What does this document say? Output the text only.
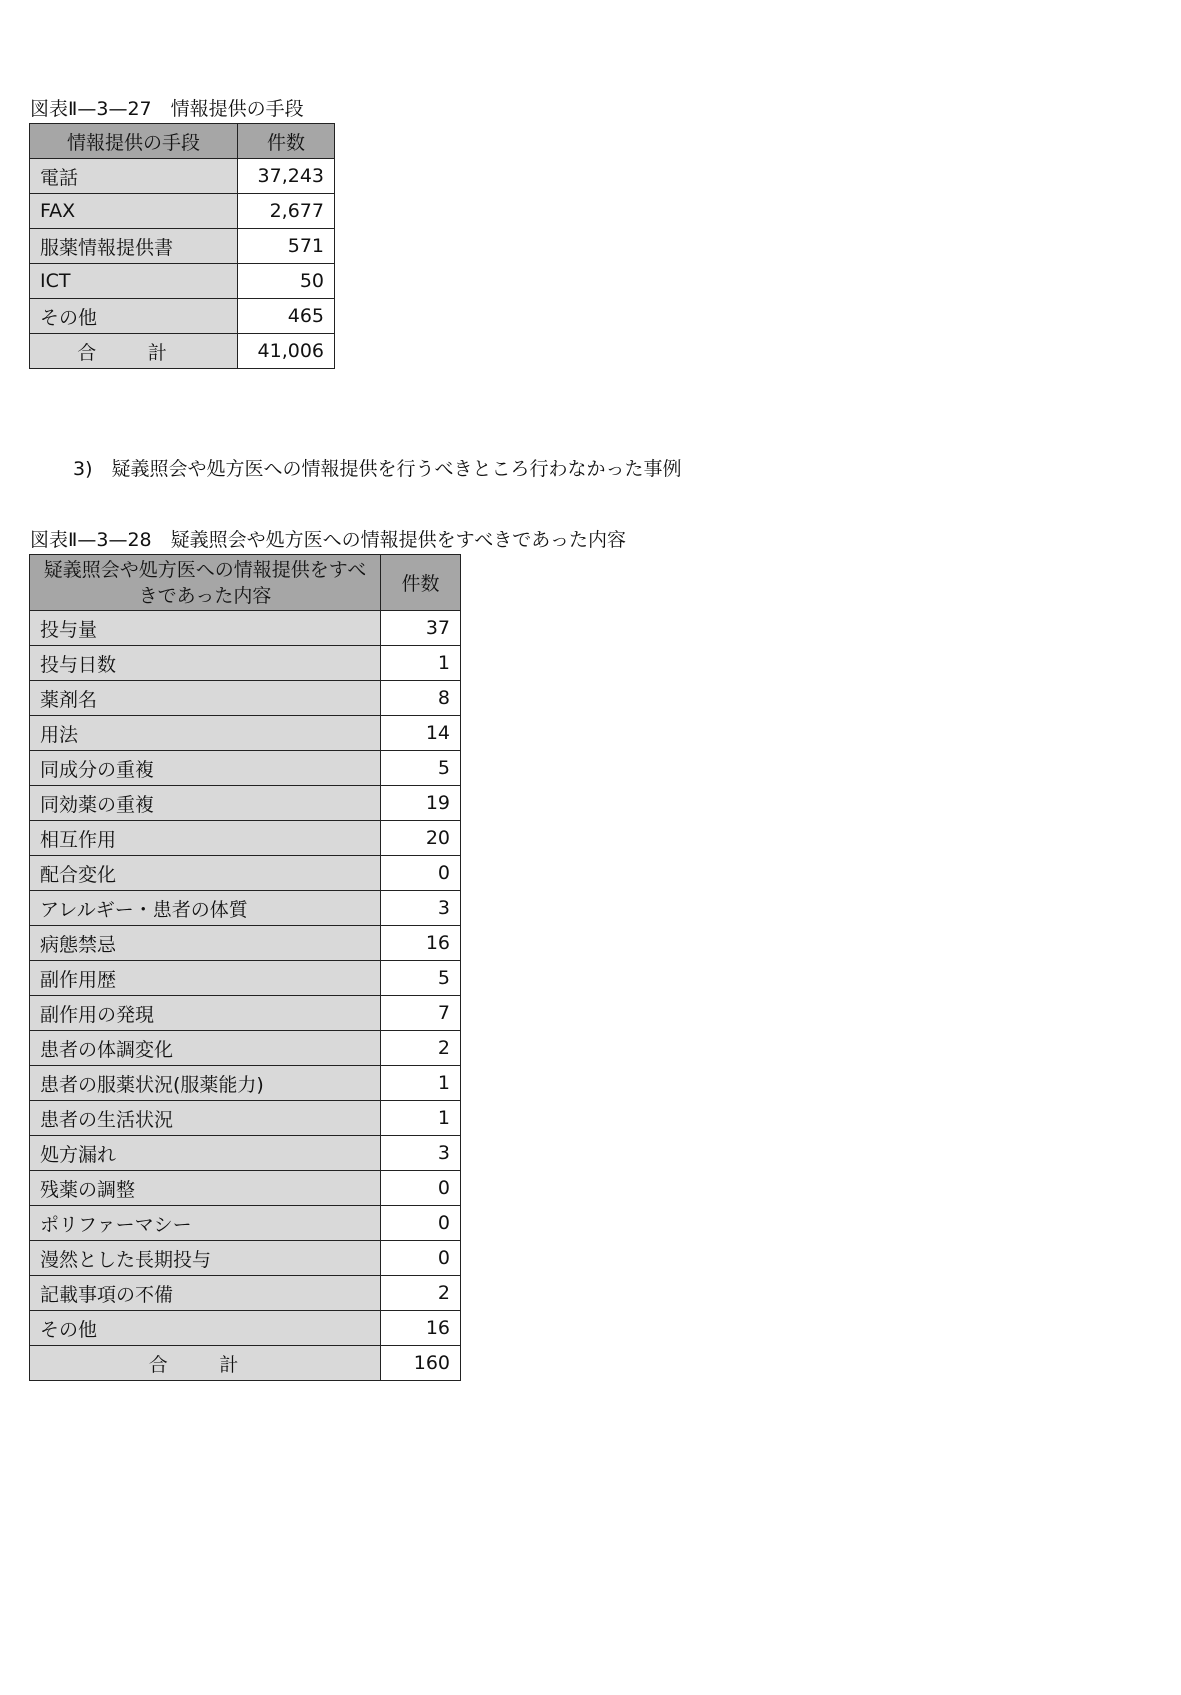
図表Ⅱ—3—27　情報提供の手段
情報提供の手段	件数
電話	37,243
FAX	2,677
服薬情報提供書	571
ICT	50
その他	465
合 計	41,006
3)　疑義照会や処方医への情報提供を行うべきところ行わなかった事例
図表Ⅱ—3—28　疑義照会や処方医への情報提供をすべきであった内容
疑義照会や処方医への情報提供をすべきであった内容	件数
投与量	37
投与日数	1
薬剤名	8
用法	14
同成分の重複	5
同効薬の重複	19
相互作用	20
配合変化	0
アレルギー・患者の体質	3
病態禁忌	16
副作用歴	5
副作用の発現	7
患者の体調変化	2
患者の服薬状況(服薬能力)	1
患者の生活状況	1
処方漏れ	3
残薬の調整	0
ポリファーマシー	0
漫然とした長期投与	0
記載事項の不備	2
その他	16
合 計	160
